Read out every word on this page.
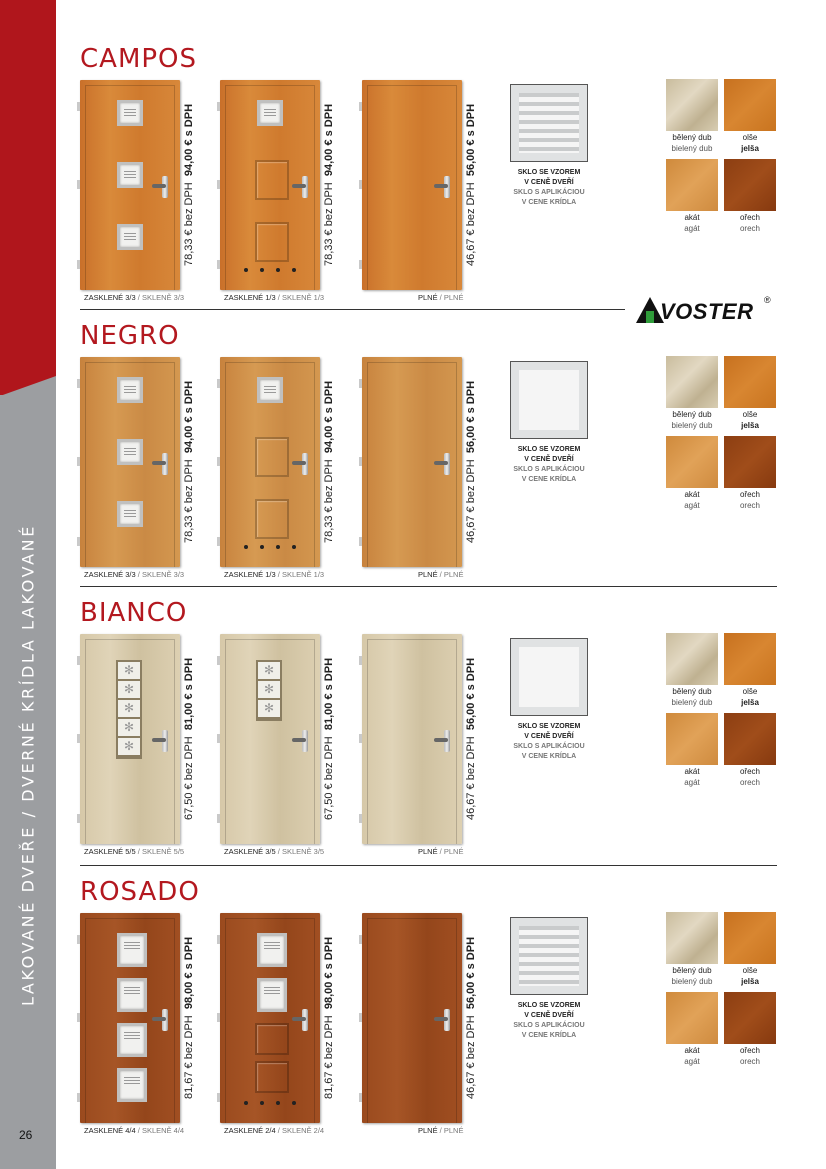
LAKOVANÉ DVEŘE / DVERNÉ KRÍDLA LAKOVANÉ
26
VOSTER ®
CAMPOS
78,33 € bez DPH  94,00 € s DPH
ZASKLENÉ 3/3 / SKLENĚ 3/3
78,33 € bez DPH  94,00 € s DPH
ZASKLENÉ 1/3 / SKLENĚ 1/3
46,67 € bez DPH  56,00 € s DPH
PLNÉ / PLNÉ
SKLO SE VZOREM
V CENĚ DVEŘÍ
SKLO S APLIKÁCIOU
V CENE KRÍDLA
bělený dub
bielený dub
olše
jelša
akát
agát
ořech
orech
NEGRO
78,33 € bez DPH  94,00 € s DPH
ZASKLENÉ 3/3 / SKLENĚ 3/3
78,33 € bez DPH  94,00 € s DPH
ZASKLENÉ 1/3 / SKLENĚ 1/3
46,67 € bez DPH  56,00 € s DPH
PLNÉ / PLNÉ
SKLO SE VZOREM
V CENĚ DVEŘÍ
SKLO S APLIKÁCIOU
V CENE KRÍDLA
bělený dub
bielený dub
olše
jelša
akát
agát
ořech
orech
BIANCO
✻
✻
✻
✻
✻
67,50 € bez DPH  81,00 € s DPH
ZASKLENÉ 5/5 / SKLENĚ 5/5
✻
✻
✻
67,50 € bez DPH  81,00 € s DPH
ZASKLENÉ 3/5 / SKLENĚ 3/5
46,67 € bez DPH  56,00 € s DPH
PLNÉ / PLNÉ
SKLO SE VZOREM
V CENĚ DVEŘÍ
SKLO S APLIKÁCIOU
V CENE KRÍDLA
bělený dub
bielený dub
olše
jelša
akát
agát
ořech
orech
ROSADO
81,67 € bez DPH  98,00 € s DPH
ZASKLENÉ 4/4 / SKLENĚ 4/4
81,67 € bez DPH  98,00 € s DPH
ZASKLENÉ 2/4 / SKLENĚ 2/4
46,67 € bez DPH  56,00 € s DPH
PLNÉ / PLNÉ
SKLO SE VZOREM
V CENĚ DVEŘÍ
SKLO S APLIKÁCIOU
V CENE KRÍDLA
bělený dub
bielený dub
olše
jelša
akát
agát
ořech
orech
